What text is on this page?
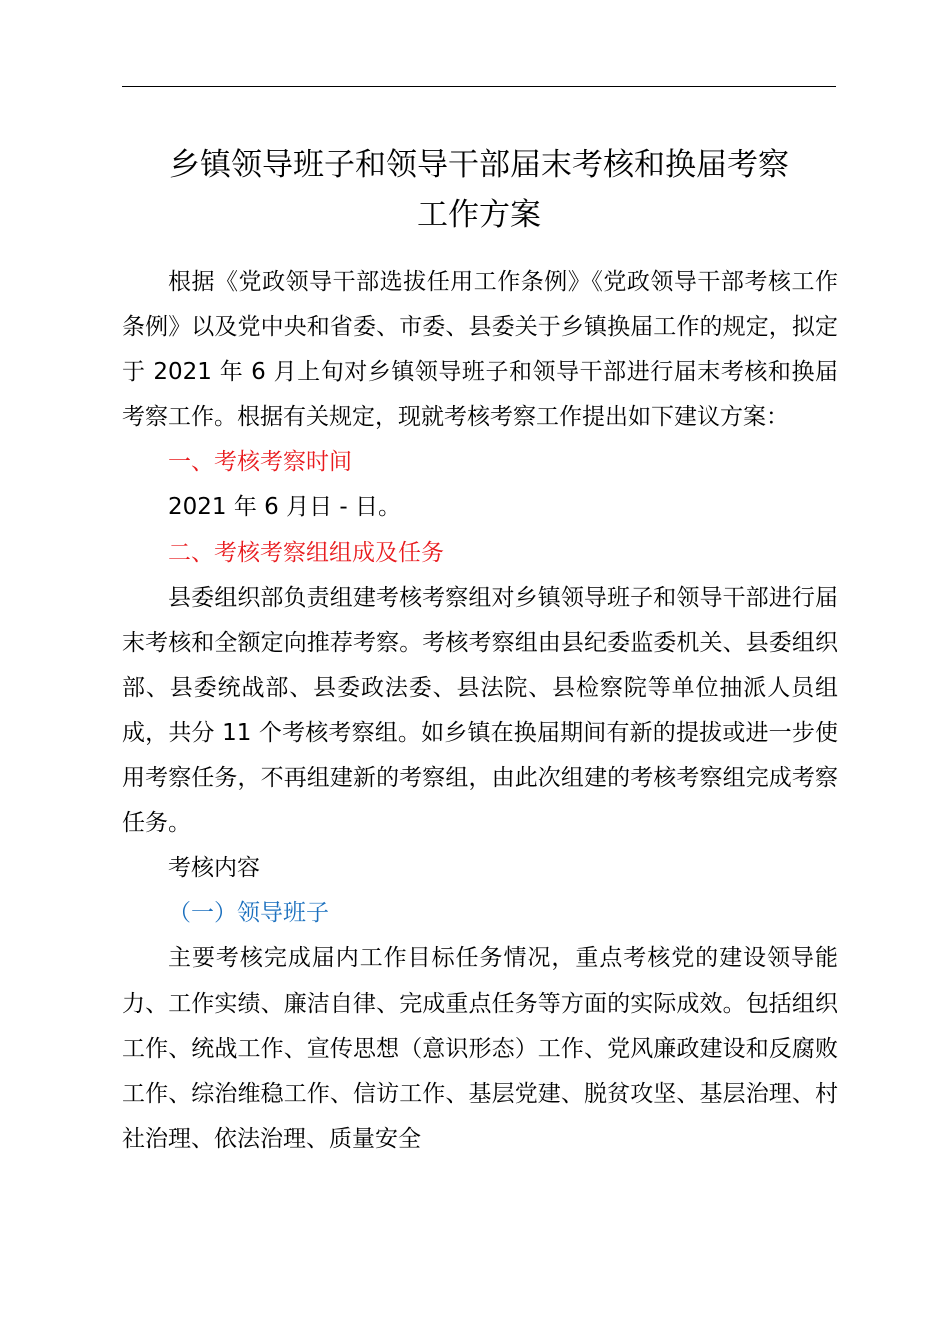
乡镇领导班子和领导干部届末考核和换届考察
工作方案

根据《党政领导干部选拔任用工作条例》《党政领导干部考核工作条例》以及党中央和省委、市委、县委关于乡镇换届工作的规定，拟定于 2021 年 6 月上旬对乡镇领导班子和领导干部进行届末考核和换届考察工作。根据有关规定，现就考核考察工作提出如下建议方案：

一、考核考察时间

2021 年 6 月日 - 日。

二、考核考察组组成及任务

县委组织部负责组建考核考察组对乡镇领导班子和领导干部进行届末考核和全额定向推荐考察。考核考察组由县纪委监委机关、县委组织部、县委统战部、县委政法委、县法院、县检察院等单位抽派人员组成，共分 11 个考核考察组。如乡镇在换届期间有新的提拔或进一步使用考察任务，不再组建新的考察组，由此次组建的考核考察组完成考察任务。

考核内容

（一）领导班子

主要考核完成届内工作目标任务情况，重点考核党的建设领导能力、工作实绩、廉洁自律、完成重点任务等方面的实际成效。包括组织工作、统战工作、宣传思想（意识形态）工作、党风廉政建设和反腐败工作、综治维稳工作、信访工作、基层党建、脱贫攻坚、基层治理、村社治理、依法治理、质量安全
